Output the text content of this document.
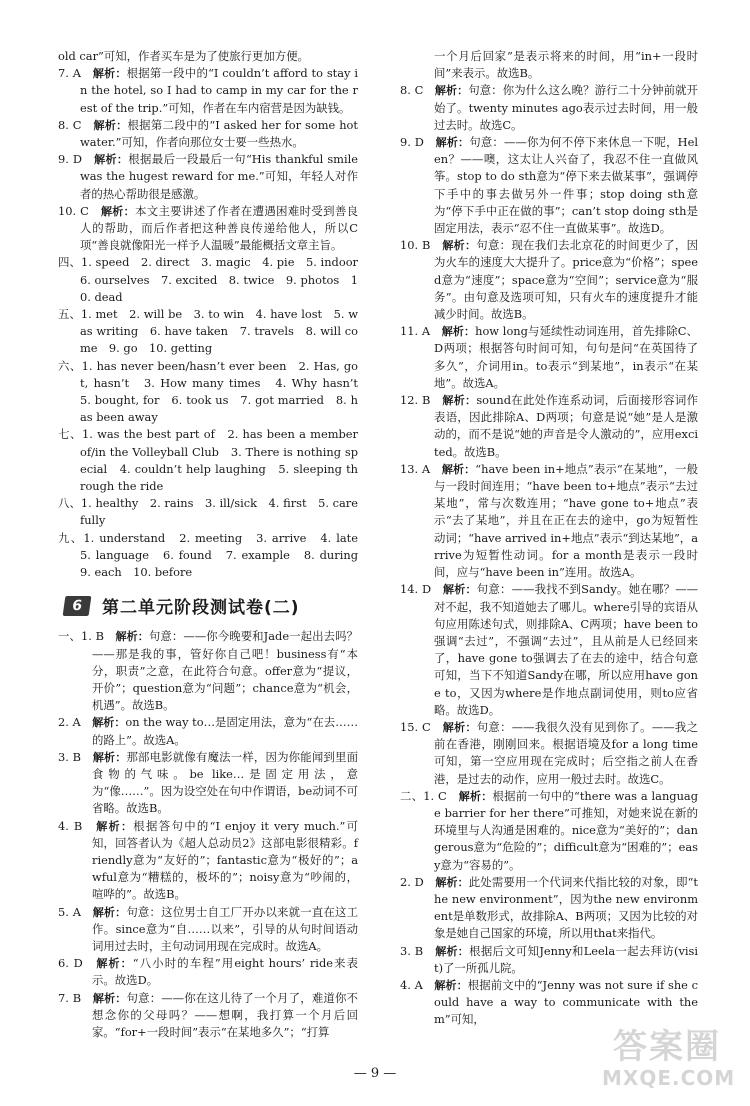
old car”可知，作者买车是为了使旅行更加方便。
7. A　解析：根据第一段中的“I couldn’t afford to stay in the hotel, so I had to camp in my car for the rest of the trip.”可知，作者在车内宿营是因为缺钱。
8. C　解析：根据第二段中的“I asked her for some hot water.”可知，作者向那位女士要一些热水。
9. D　解析：根据最后一段最后一句“His thankful smile was the hugest reward for me.”可知，年轻人对作者的热心帮助很是感激。
10. C　解析：本文主要讲述了作者在遭遇困难时受到善良人的帮助，而后作者把这种善良传递给他人，所以C项“善良就像阳光一样予人温暖”最能概括文章主旨。
四、1. speed　2. direct　3. magic　4. pie　5. indoor　6. ourselves　7. excited　8. twice　9. photos　10. dead
五、1. met　2. will be　3. to win　4. have lost　5. was writing　6. have taken　7. travels　8. will come　9. go　10. getting
六、1. has never been/hasn’t ever been　2. Has, got, hasn’t　3. How many times　4. Why hasn’t　5. bought, for　6. took us　7. got married　8. has been away
七、1. was the best part of　2. has been a member of/in the Volleyball Club　3. There is nothing special　4. couldn’t help laughing　5. sleeping through the ride
八、1. healthy　2. rains　3. ill/sick　4. first　5. carefully
九、1. understand　2. meeting　3. arrive　4. late　5. language　6. found　7. example　8. during　9. each　10. before
6	第二单元阶段测试卷(二)
一、1. B　解析：句意：——你今晚要和Jade一起出去吗？——那是我的事，管好你自己吧！business有“本分，职责”之意，在此符合句意。offer意为“提议，开价”；question意为“问题”；chance意为“机会，机遇”。故选B。
2. A　解析：on the way to…是固定用法，意为“在去……的路上”。故选A。
3. B　解析：那部电影就像有魔法一样，因为你能闻到里面食物的气味。be like…是固定用法，意为“像……”。因为设空处在句中作谓语，be动词不可省略。故选B。
4. B　解析：根据答句中的“I enjoy it very much.”可知，回答者认为《超人总动员2》这部电影很精彩。friendly意为“友好的”；fantastic意为“极好的”；awful意为“糟糕的，极坏的”；noisy意为“吵闹的，喧哗的”。故选B。
5. A　解析：句意：这位男士自工厂开办以来就一直在这工作。since意为“自……以来”，引导的从句时间语动词用过去时，主句动词用现在完成时。故选A。
6. D　解析：“八小时的车程”用eight hours’ ride来表示。故选D。
7. B　解析：句意：——你在这儿待了一个月了，难道你不想念你的父母吗？——想啊，我打算一个月后回家。“for+一段时间”表示“在某地多久”；“打算
一个月后回家”是表示将来的时间，用“in+一段时间”来表示。故选B。
8. C　解析：句意：你为什么这么晚？游行二十分钟前就开始了。twenty minutes ago表示过去时间，用一般过去时。故选C。
9. D　解析：句意：——你为何不停下来休息一下呢，Helen？——噢，这太让人兴奋了，我忍不住一直做风筝。stop to do sth意为“停下来去做某事”，强调停下手中的事去做另外一件事；stop doing sth意为“停下手中正在做的事”；can’t stop doing sth是固定用法，表示“忍不住一直做某事”。故选D。
10. B　解析：句意：现在我们去北京花的时间更少了，因为火车的速度大大提升了。price意为“价格”；speed意为“速度”；space意为“空间”；service意为“服务”。由句意及选项可知，只有火车的速度提升才能减少时间。故选B。
11. A　解析：how long与延续性动词连用，首先排除C、D两项；根据答句时间可知，句句是问“在英国待了多久”，介词用in。to表示“到某地”，in表示“在某地”。故选A。
12. B　解析：sound在此处作连系动词，后面接形容词作表语，因此排除A、D两项；句意是说“她”是人是激动的，而不是说“她的声音是令人激动的”，应用excited。故选B。
13. A　解析：“have been in+地点”表示“在某地”，一般与一段时间连用；“have been to+地点”表示“去过某地”，常与次数连用；“have gone to+地点”表示“去了某地”，并且在正在去的途中，go为短暂性动词；“have arrived in+地点”表示“到达某地”，arrive为短暂性动词。for a month是表示一段时间，应与“have been in”连用。故选A。
14. D　解析：句意：——我找不到Sandy。她在哪？——对不起，我不知道她去了哪儿。where引导的宾语从句应用陈述句式，则排除A、C两项；have been to强调“去过”，不强调“去过”，且从前是人已经回来了，have gone to强调去了在去的途中，结合句意可知，当下不知道Sandy在哪，所以应用have gone to，又因为where是作地点副词使用，则to应省略。故选D。
15. C　解析：句意：——我很久没有见到你了。——我之前在香港，刚刚回来。根据语境及for a long time可知，第一空应用现在完成时；后空指之前人在香港，是过去的动作，应用一般过去时。故选C。
二、1. C　解析：根据前一句中的“there was a language barrier for her there”可推知，对她来说在新的环境里与人沟通是困难的。nice意为“美好的”；dangerous意为“危险的”；difficult意为“困难的”；easy意为“容易的”。
2. D　解析：此处需要用一个代词来代指比较的对象，即“the new environment”，因为the new environment是单数形式，故排除A、B两项；又因为比较的对象是她自己国家的环境，所以用that来指代。
3. B　解析：根据后文可知Jenny和Leela一起去拜访(visit)了一所孤儿院。
4. A　解析：根据前文中的“Jenny was not sure if she could have a way to communicate with them”可知，
— 9 —
答案圈
MXQE.COM
